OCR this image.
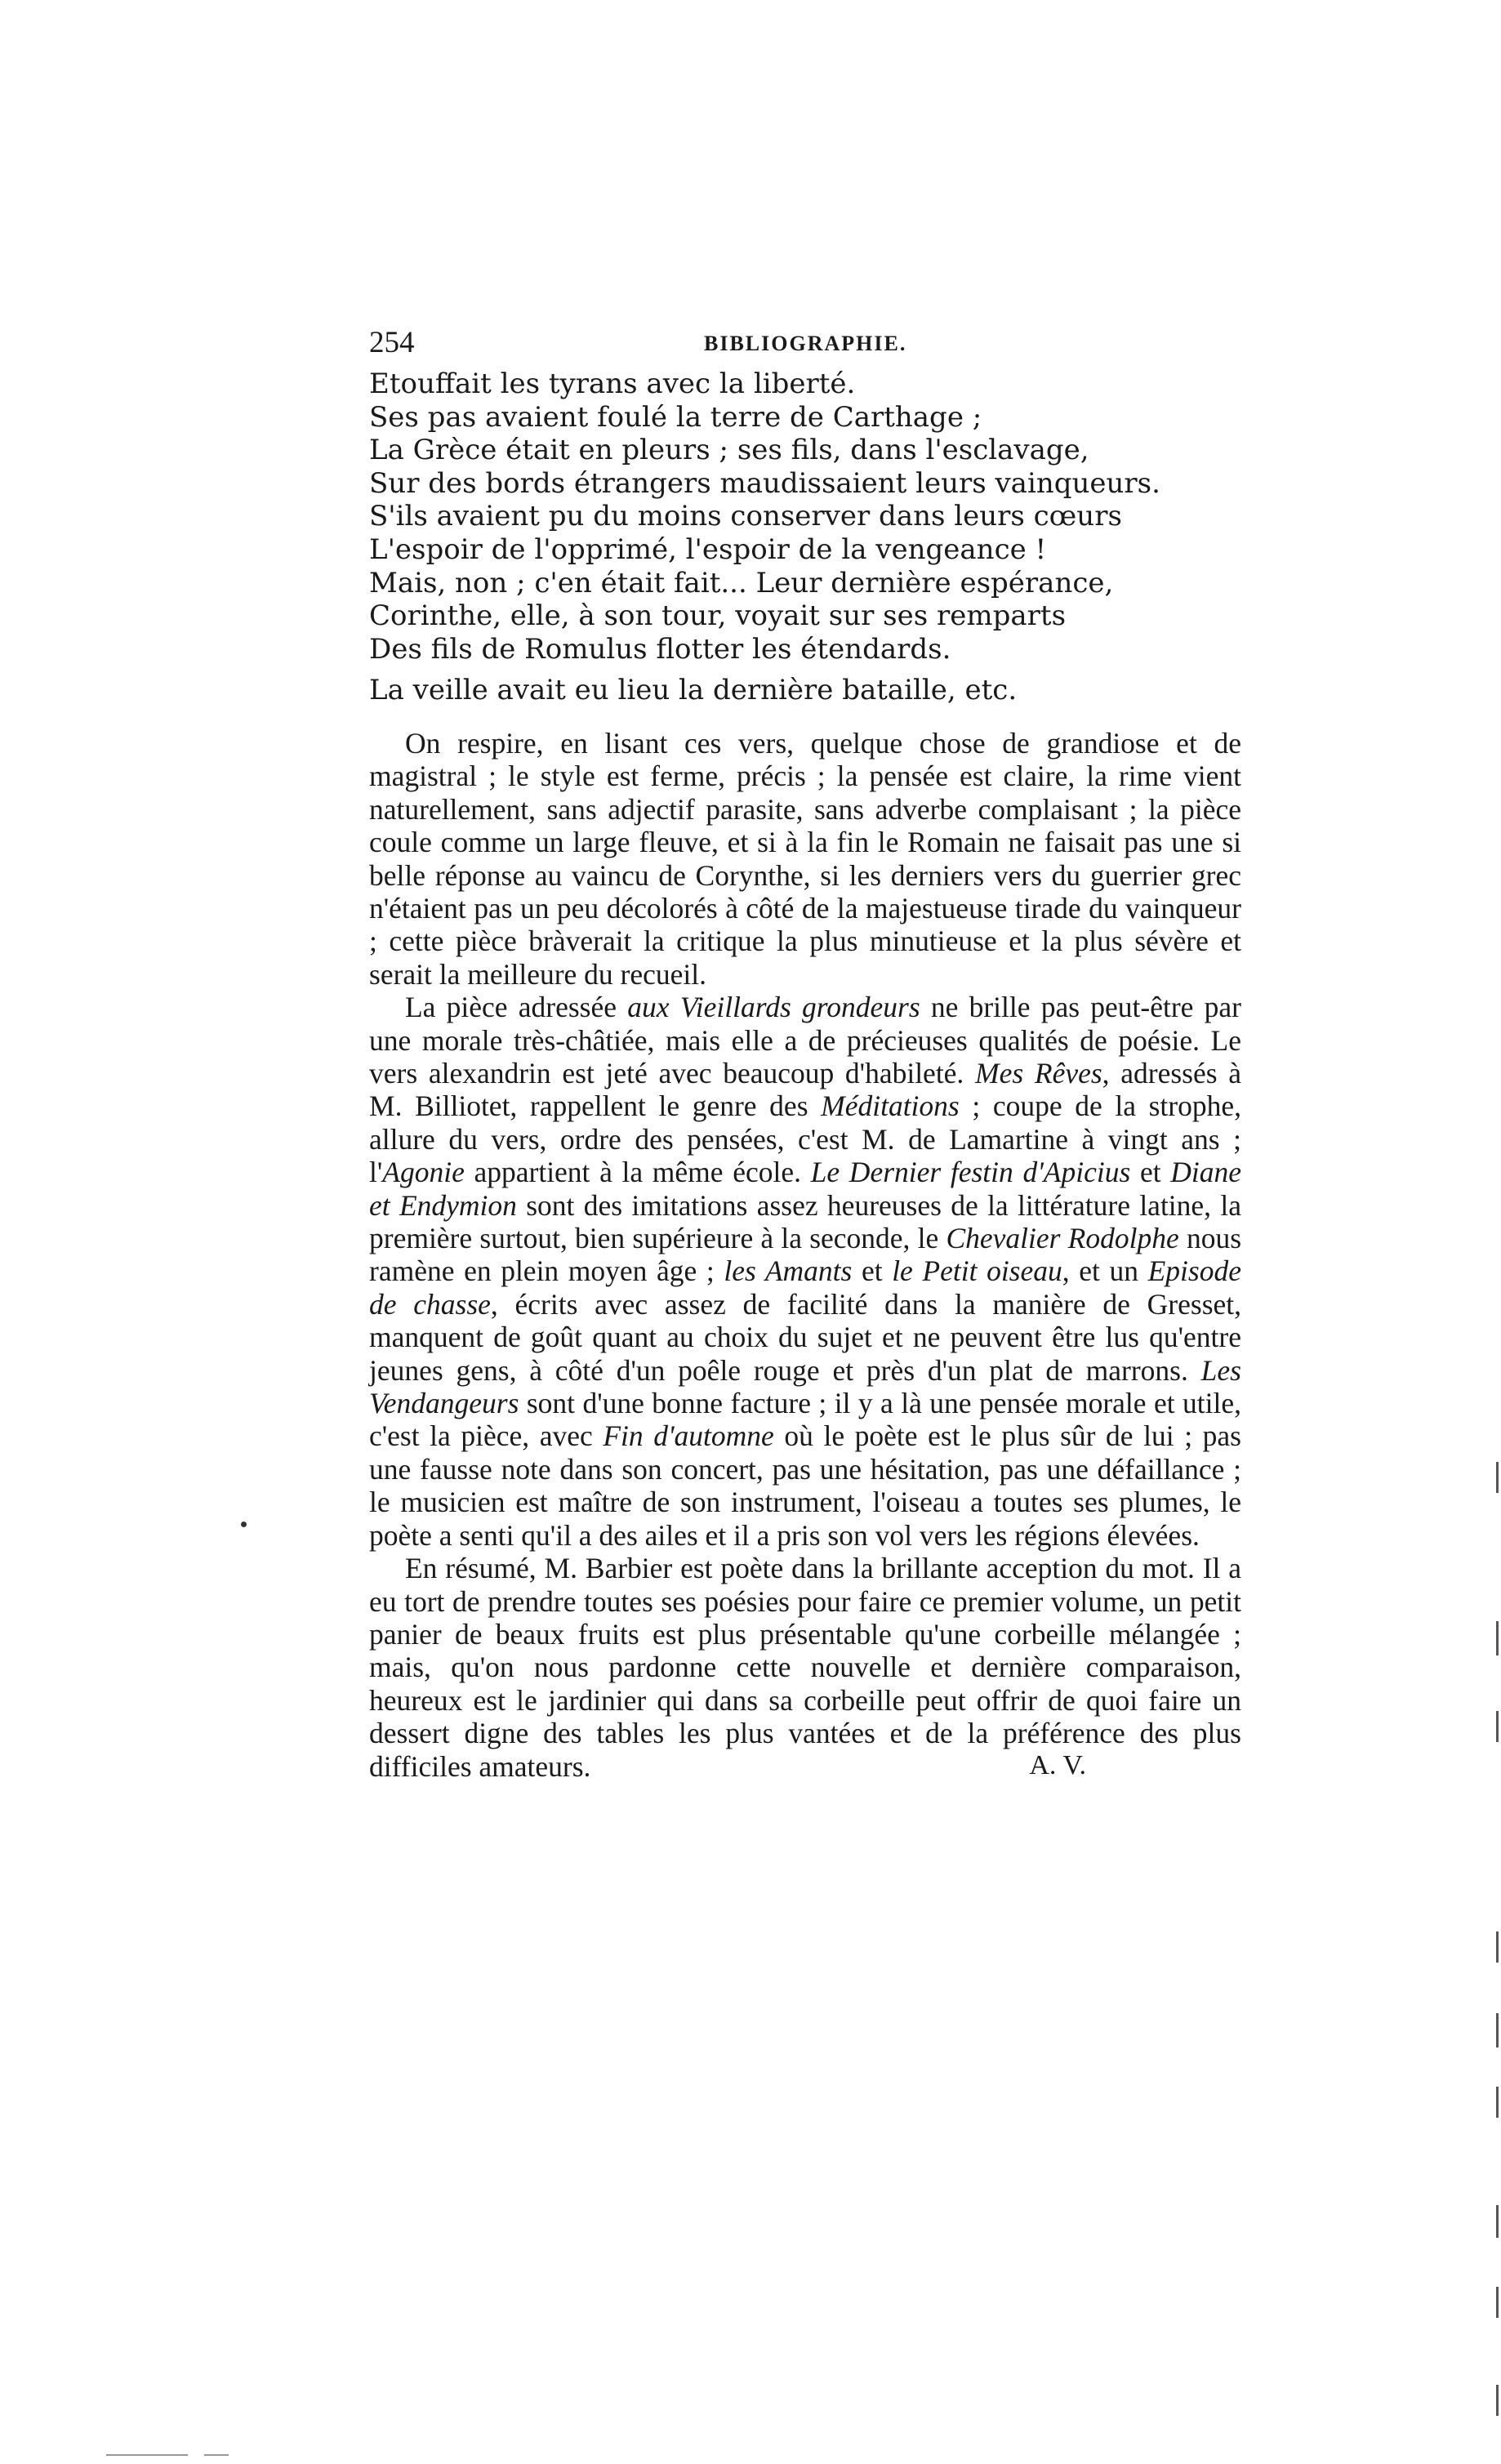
254	BIBLIOGRAPHIE.
Etouffait les tyrans avec la liberté.
Ses pas avaient foulé la terre de Carthage ;
La Grèce était en pleurs ; ses fils, dans l'esclavage,
Sur des bords étrangers maudissaient leurs vainqueurs.
S'ils avaient pu du moins conserver dans leurs cœurs
L'espoir de l'opprimé, l'espoir de la vengeance !
Mais, non ; c'en était fait... Leur dernière espérance,
Corinthe, elle, à son tour, voyait sur ses remparts
Des fils de Romulus flotter les étendards.
La veille avait eu lieu la dernière bataille, etc.

On respire, en lisant ces vers, quelque chose de grandiose et de magistral ; le style est ferme, précis ; la pensée est claire, la rime vient naturellement, sans adjectif parasite, sans adverbe complaisant ; la pièce coule comme un large fleuve, et si à la fin le Romain ne faisait pas une si belle réponse au vaincu de Corynthe, si les derniers vers du guerrier grec n'étaient pas un peu décolorés à côté de la majestueuse tirade du vainqueur ; cette pièce bràverait la critique la plus minutieuse et la plus sévère et serait la meilleure du recueil.

La pièce adressée aux Vieillards grondeurs ne brille pas peut-être par une morale très-châtiée, mais elle a de précieuses qualités de poésie. Le vers alexandrin est jeté avec beaucoup d'habileté. Mes Rêves, adressés à M. Billiotet, rappellent le genre des Méditations ; coupe de la strophe, allure du vers, ordre des pensées, c'est M. de Lamartine à vingt ans ; l'Agonie appartient à la même école. Le Dernier festin d'Apicius et Diane et Endymion sont des imitations assez heureuses de la littérature latine, la première surtout, bien supérieure à la seconde, le Chevalier Rodolphe nous ramène en plein moyen âge ; les Amants et le Petit oiseau, et un Episode de chasse, écrits avec assez de facilité dans la manière de Gresset, manquent de goût quant au choix du sujet et ne peuvent être lus qu'entre jeunes gens, à côté d'un poêle rouge et près d'un plat de marrons. Les Vendangeurs sont d'une bonne facture ; il y a là une pensée morale et utile, c'est la pièce, avec Fin d'automne où le poète est le plus sûr de lui ; pas une fausse note dans son concert, pas une hésitation, pas une défaillance ; le musicien est maître de son instrument, l'oiseau a toutes ses plumes, le poète a senti qu'il a des ailes et il a pris son vol vers les régions élevées.

En résumé, M. Barbier est poète dans la brillante acception du mot. Il a eu tort de prendre toutes ses poésies pour faire ce premier volume, un petit panier de beaux fruits est plus présentable qu'une corbeille mélangée ; mais, qu'on nous pardonne cette nouvelle et dernière comparaison, heureux est le jardinier qui dans sa corbeille peut offrir de quoi faire un dessert digne des tables les plus vantées et de la préférence des plus difficiles amateurs.	A. V.
